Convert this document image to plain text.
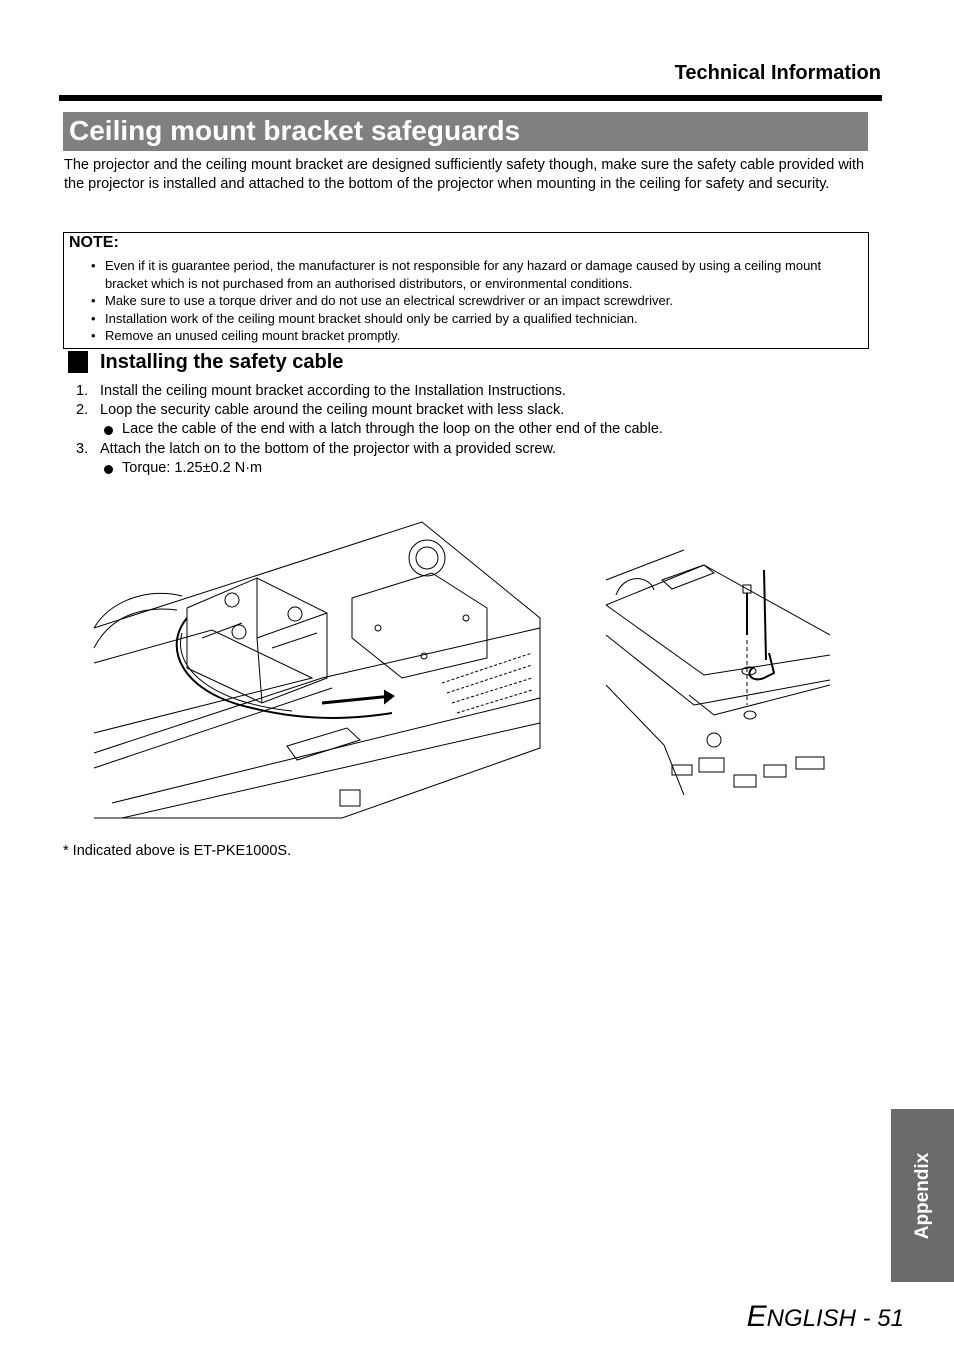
Technical Information
Ceiling mount bracket safeguards
The projector and the ceiling mount bracket are designed sufficiently safety though, make sure the safety cable provided with the projector is installed and attached to the bottom of the projector when mounting in the ceiling for safety and security.
NOTE:
• Even if it is guarantee period, the manufacturer is not responsible for any hazard or damage caused by using a ceiling mount bracket which is not purchased from an authorised distributors, or environmental conditions.
• Make sure to use a torque driver and do not use an electrical screwdriver or an impact screwdriver.
• Installation work of the ceiling mount bracket should only be carried by a qualified technician.
• Remove an unused ceiling mount bracket promptly.
Installing the safety cable
1. Install the ceiling mount bracket according to the Installation Instructions.
2. Loop the security cable around the ceiling mount bracket with less slack.
Lace the cable of the end with a latch through the loop on the other end of the cable.
3. Attach the latch on to the bottom of the projector with a provided screw.
Torque: 1.25±0.2 N·m
* Indicated above is ET-PKE1000S.
Appendix
ENGLISH - 51
